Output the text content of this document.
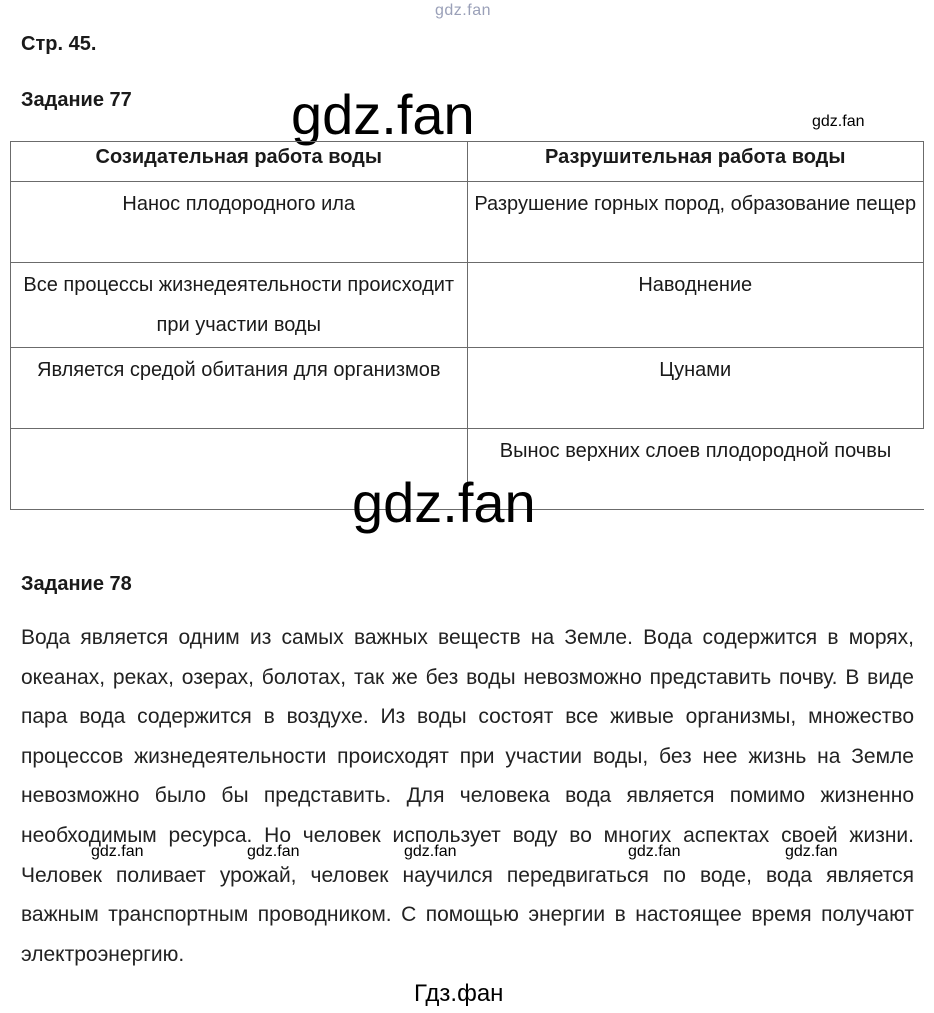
gdz.fan
Стр. 45.
Задание 77	gdz.fan	gdz.fan
Созидательная работа воды	Разрушительная работа воды
Нанос плодородного ила	Разрушение горных пород, образование пещер
Все процессы жизнедеятельности происходит при участии воды	Наводнение
Является средой обитания для организмов	Цунами
	Вынос верхних слоев плодородной почвы
gdz.fan
Задание 78
Вода является одним из самых важных веществ на Земле. Вода содержится в морях, океанах, реках, озерах, болотах, так же без воды невозможно представить почву. В виде пара вода содержится в воздухе. Из воды состоят все живые организмы, множество процессов жизнедеятельности происходят при участии воды, без нее жизнь на Земле невозможно было бы представить. Для человека вода является помимо жизненно необходимым ресурса. Но человек использует воду во многих аспектах своей жизни. Человек поливает урожай, человек научился передвигаться по воде, вода является важным транспортным проводником. С помощью энергии в настоящее время получают электроэнергию.
gdz.fan	gdz.fan	gdz.fan	gdz.fan	gdz.fan
Гдз.фан
